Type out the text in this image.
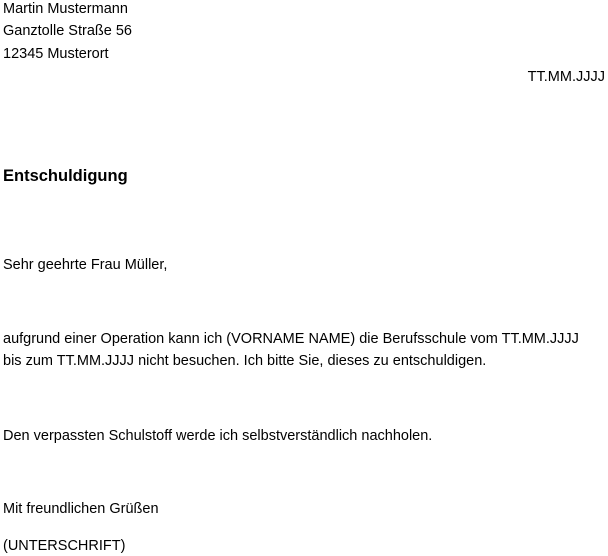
Martin Mustermann
Ganztolle Straße 56
12345 Musterort
TT.MM.JJJJ
Entschuldigung
Sehr geehrte Frau Müller,
aufgrund einer Operation kann ich (VORNAME NAME) die Berufsschule vom TT.MM.JJJJ
bis zum TT.MM.JJJJ nicht besuchen. Ich bitte Sie, dieses zu entschuldigen.
Den verpassten Schulstoff werde ich selbstverständlich nachholen.
Mit freundlichen Grüßen
(UNTERSCHRIFT)
